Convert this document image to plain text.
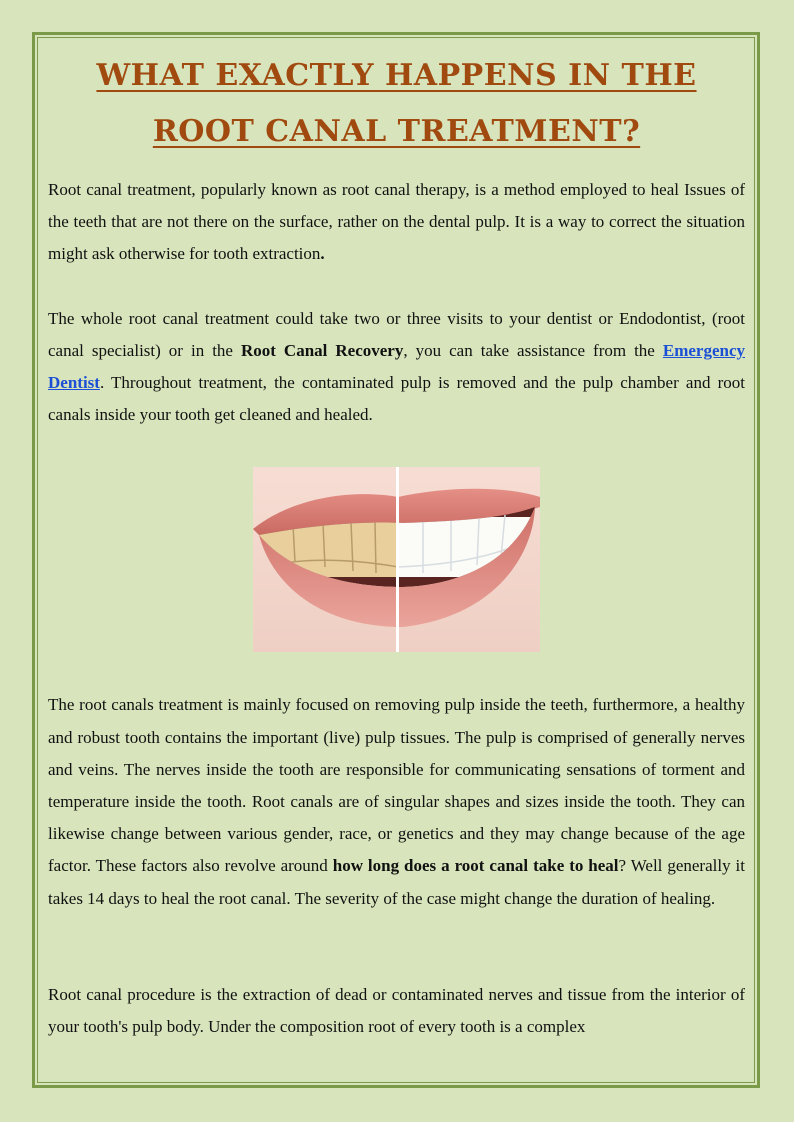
WHAT EXACTLY HAPPENS IN THE ROOT CANAL TREATMENT?

Root canal treatment, popularly known as root canal therapy, is a method employed to heal Issues of the teeth that are not there on the surface, rather on the dental pulp. It is a way to correct the situation might ask otherwise for tooth extraction.

The whole root canal treatment could take two or three visits to your dentist or Endodontist, (root canal specialist) or in the Root Canal Recovery, you can take assistance from the Emergency Dentist. Throughout treatment, the contaminated pulp is removed and the pulp chamber and root canals inside your tooth get cleaned and healed.

The root canals treatment is mainly focused on removing pulp inside the teeth, furthermore, a healthy and robust tooth contains the important (live) pulp tissues. The pulp is comprised of generally nerves and veins. The nerves inside the tooth are responsible for communicating sensations of torment and temperature inside the tooth. Root canals are of singular shapes and sizes inside the tooth. They can likewise change between various gender, race, or genetics and they may change because of the age factor. These factors also revolve around how long does a root canal take to heal? Well generally it takes 14 days to heal the root canal. The severity of the case might change the duration of healing.

Root canal procedure is the extraction of dead or contaminated nerves and tissue from the interior of your tooth's pulp body. Under the composition root of every tooth is a complex
